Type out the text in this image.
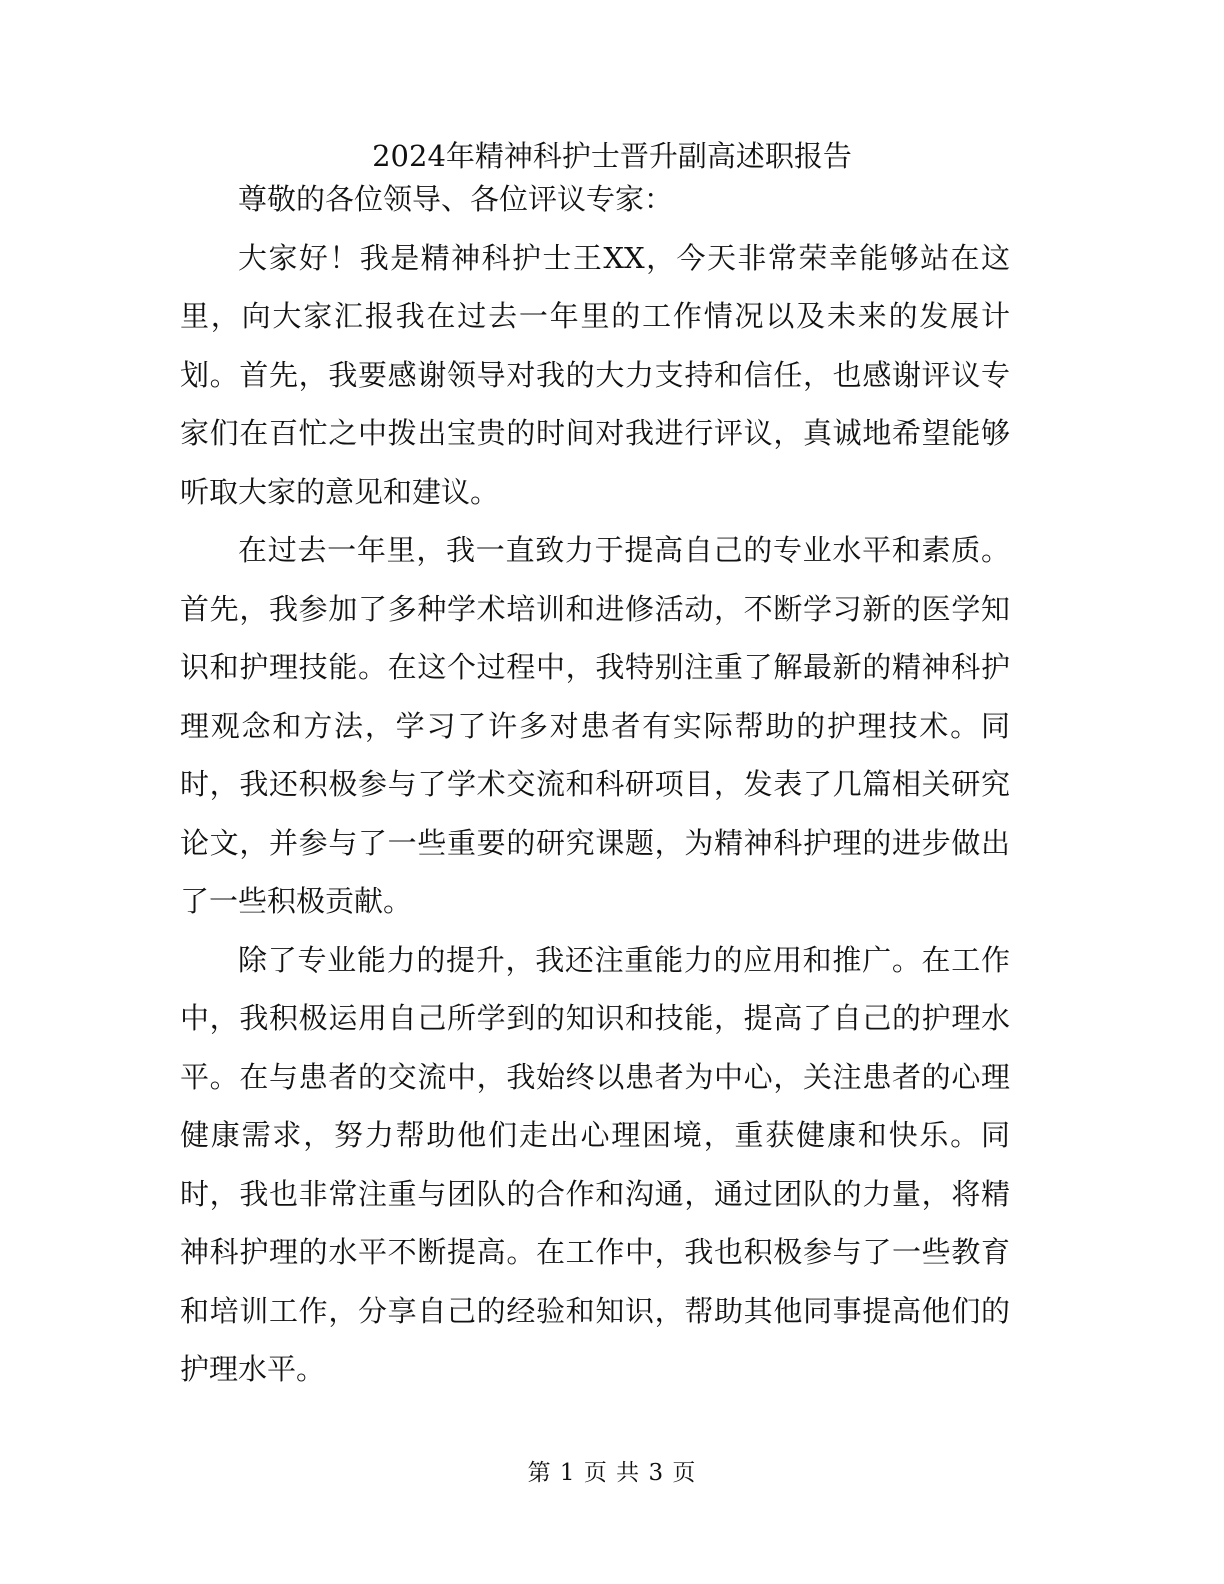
2024年精神科护士晋升副高述职报告

尊敬的各位领导、各位评议专家：

大家好！我是精神科护士王XX，今天非常荣幸能够站在这里，向大家汇报我在过去一年里的工作情况以及未来的发展计划。首先，我要感谢领导对我的大力支持和信任，也感谢评议专家们在百忙之中拨出宝贵的时间对我进行评议，真诚地希望能够听取大家的意见和建议。

在过去一年里，我一直致力于提高自己的专业水平和素质。首先，我参加了多种学术培训和进修活动，不断学习新的医学知识和护理技能。在这个过程中，我特别注重了解最新的精神科护理观念和方法，学习了许多对患者有实际帮助的护理技术。同时，我还积极参与了学术交流和科研项目，发表了几篇相关研究论文，并参与了一些重要的研究课题，为精神科护理的进步做出了一些积极贡献。

除了专业能力的提升，我还注重能力的应用和推广。在工作中，我积极运用自己所学到的知识和技能，提高了自己的护理水平。在与患者的交流中，我始终以患者为中心，关注患者的心理健康需求，努力帮助他们走出心理困境，重获健康和快乐。同时，我也非常注重与团队的合作和沟通，通过团队的力量，将精神科护理的水平不断提高。在工作中，我也积极参与了一些教育和培训工作，分享自己的经验和知识，帮助其他同事提高他们的护理水平。

第 1 页 共 3 页
